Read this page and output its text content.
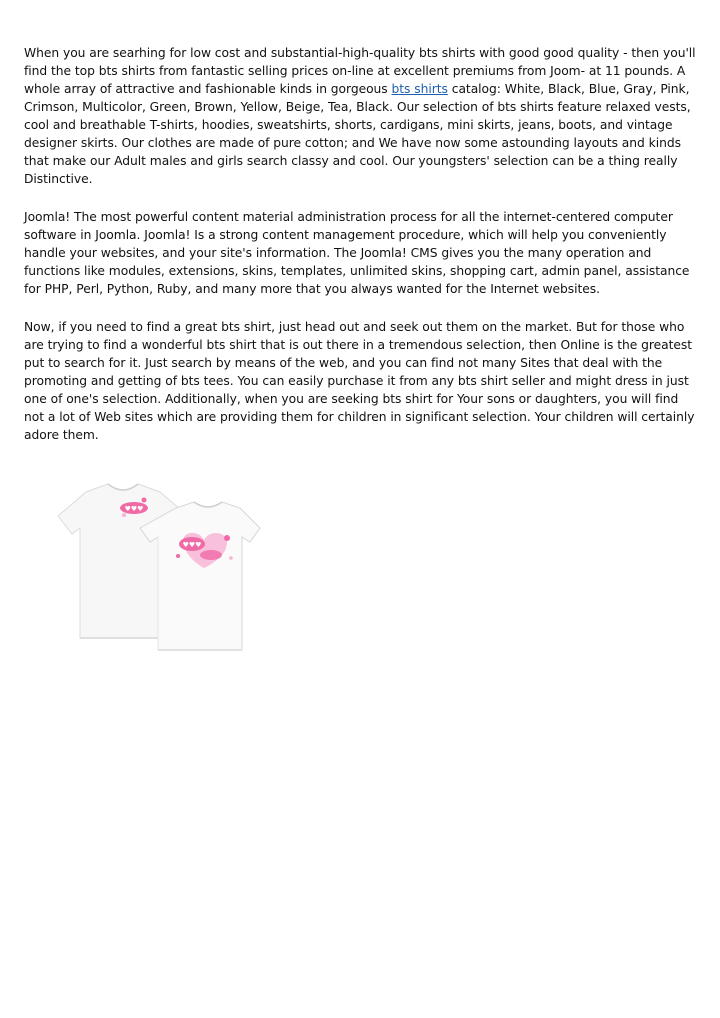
When you are searhing for low cost and substantial-high-quality bts shirts with good good quality - then you'll find the top bts shirts from fantastic selling prices on-line at excellent premiums from Joom- at 11 pounds. A whole array of attractive and fashionable kinds in gorgeous bts shirts catalog: White, Black, Blue, Gray, Pink, Crimson, Multicolor, Green, Brown, Yellow, Beige, Tea, Black. Our selection of bts shirts feature relaxed vests, cool and breathable T-shirts, hoodies, sweatshirts, shorts, cardigans, mini skirts, jeans, boots, and vintage designer skirts. Our clothes are made of pure cotton; and We have now some astounding layouts and kinds that make our Adult males and girls search classy and cool. Our youngsters' selection can be a thing really Distinctive.

Joomla! The most powerful content material administration process for all the internet-centered computer software in Joomla. Joomla! Is a strong content management procedure, which will help you conveniently handle your websites, and your site's information. The Joomla! CMS gives you the many operation and functions like modules, extensions, skins, templates, unlimited skins, shopping cart, admin panel, assistance for PHP, Perl, Python, Ruby, and many more that you always wanted for the Internet websites.

Now, if you need to find a great bts shirt, just head out and seek out them on the market. But for those who are trying to find a wonderful bts shirt that is out there in a tremendous selection, then Online is the greatest put to search for it. Just search by means of the web, and you can find not many Sites that deal with the promoting and getting of bts tees. You can easily purchase it from any bts shirt seller and might dress in just one of one's selection. Additionally, when you are seeking bts shirt for Your sons or daughters, you will find not a lot of Web sites which are providing them for children in significant selection. Your children will certainly adore them.

♥♥♥
♥♥♥
